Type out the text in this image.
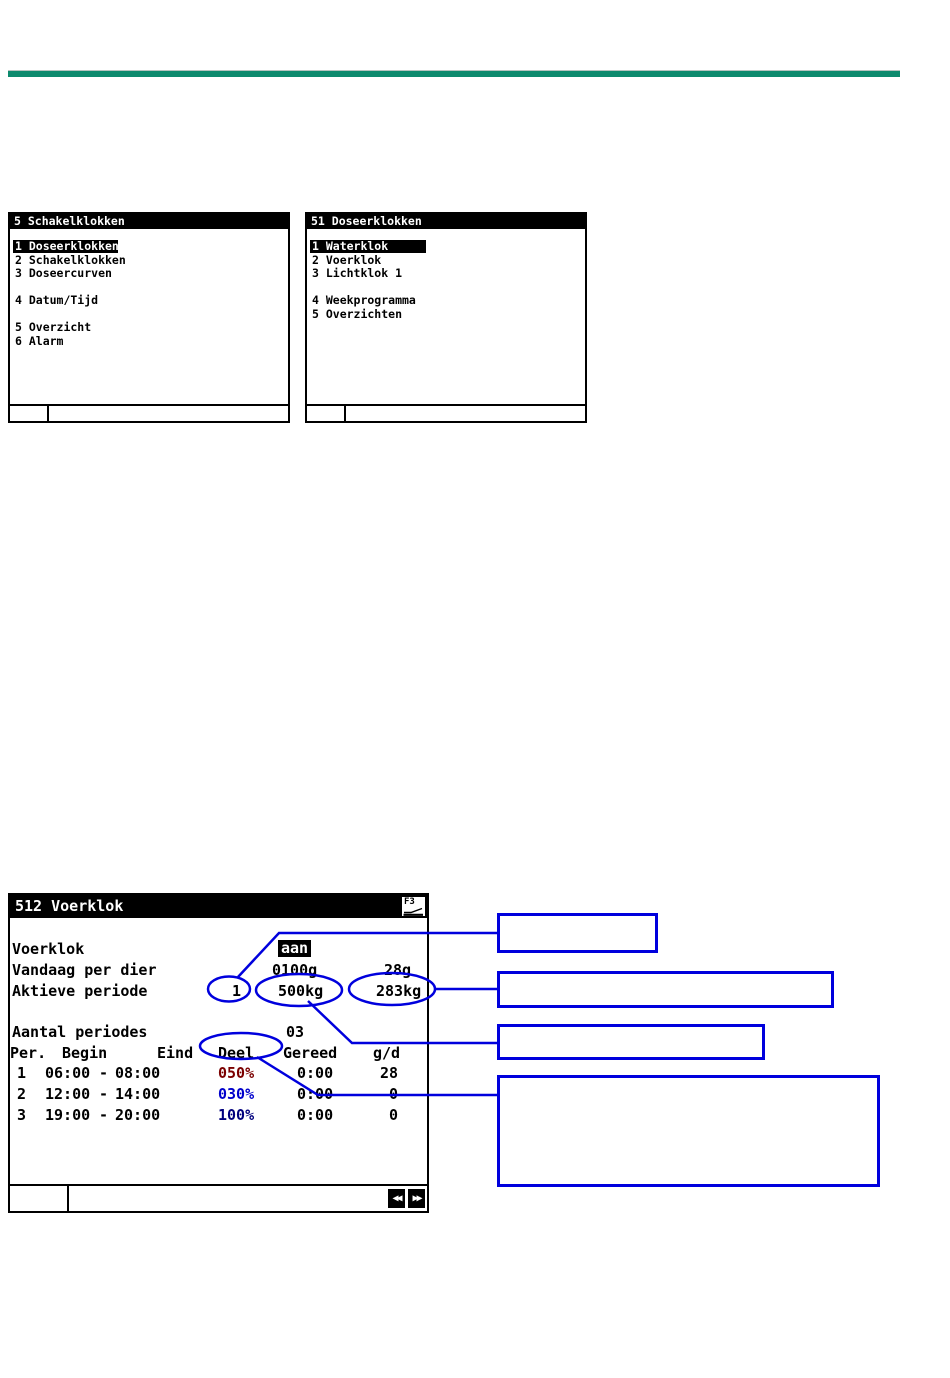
5 Schakelklokken
1 Doseerklokken
2 Schakelklokken
3 Doseercurven
4 Datum/Tijd
5 Overzicht
6 Alarm
51 Doseerklokken
1 Waterklok
2 Voerklok
3 Lichtklok 1
4 Weekprogramma
5 Overzichten
512 Voerklok	F3
Voerklok	aan
Vandaag per dier	0100g	28g
Aktieve periode	1 500kg	283kg
Aantal periodes	03
Per. Begin	Eind Deel Gereed g/d
1 06:00 - 08:00	050%	0:00	28
2 12:00 - 14:00	030%	0:00	0
3 19:00 - 20:00	100%	0:00	0
◀◀	▶▶
